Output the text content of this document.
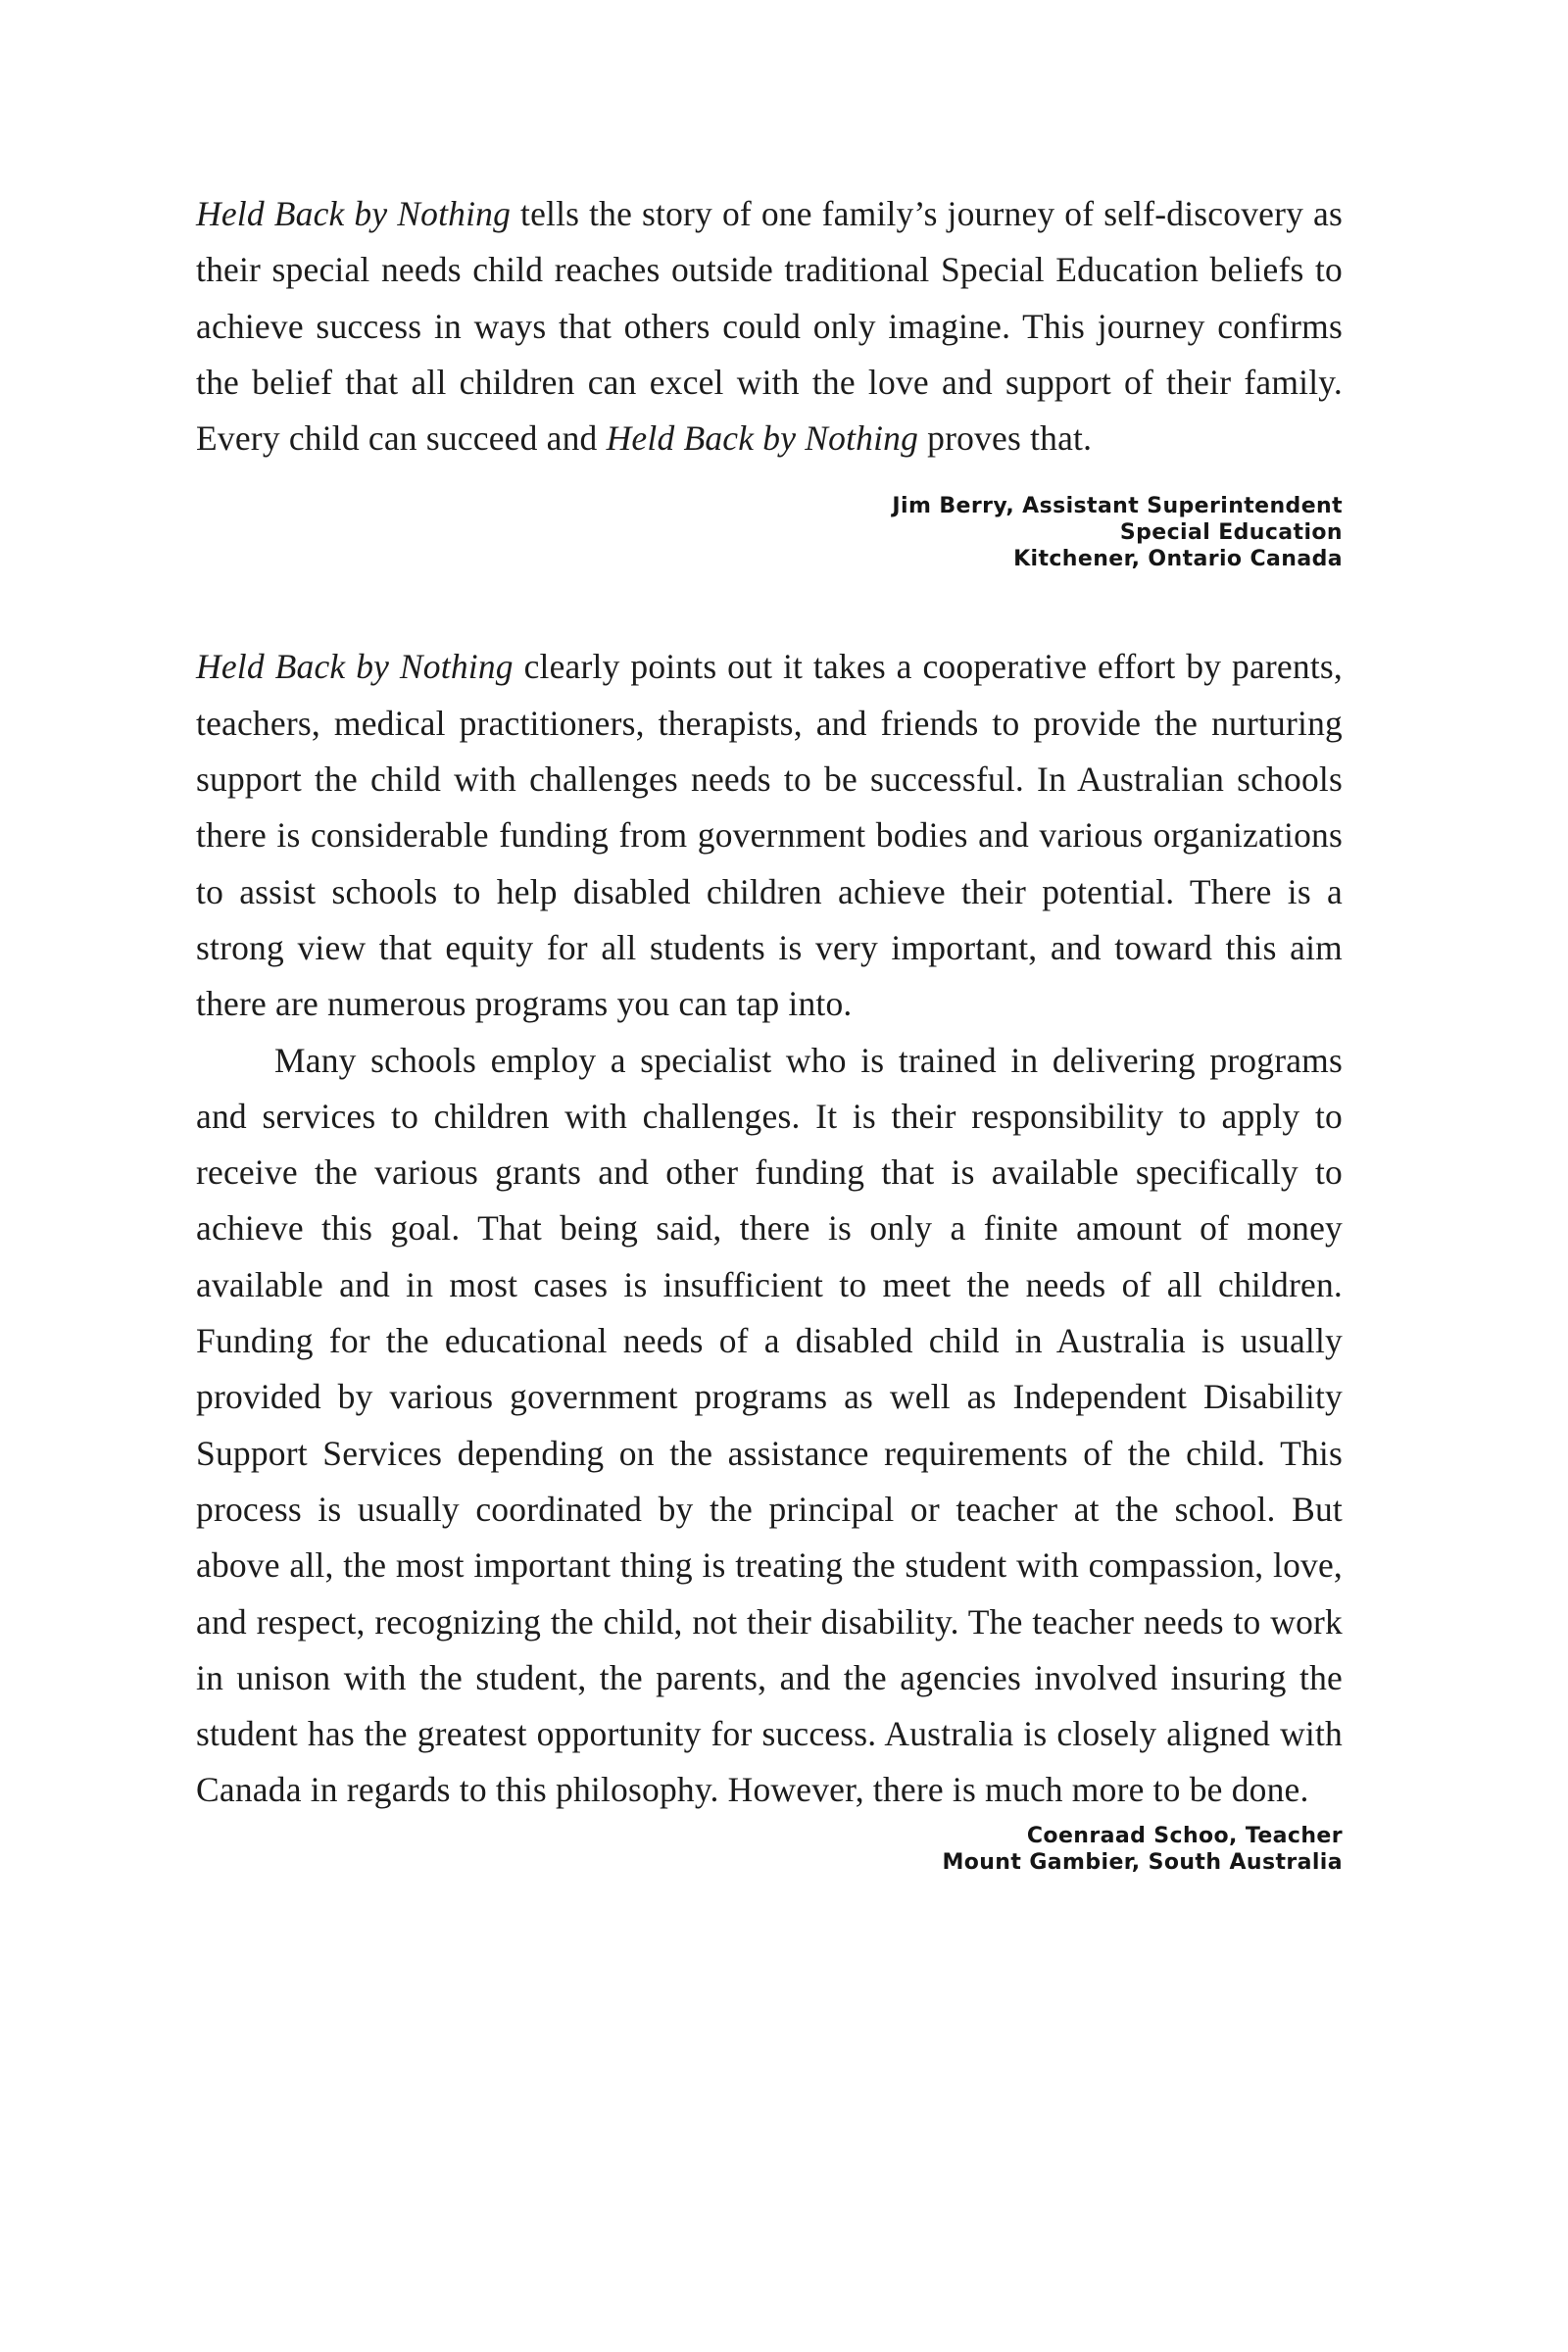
Held Back by Nothing tells the story of one family’s journey of self-discovery as their special needs child reaches outside traditional Special Education beliefs to achieve success in ways that others could only imagine. This journey confirms the belief that all children can excel with the love and support of their family. Every child can succeed and Held Back by Nothing proves that.

Jim Berry, Assistant Superintendent
Special Education
Kitchener, Ontario Canada

Held Back by Nothing clearly points out it takes a cooperative effort by parents, teachers, medical practitioners, therapists, and friends to provide the nurturing support the child with challenges needs to be successful. In Australian schools there is considerable funding from government bodies and various organizations to assist schools to help disabled children achieve their potential. There is a strong view that equity for all students is very important, and toward this aim there are numerous programs you can tap into.

Many schools employ a specialist who is trained in delivering programs and services to children with challenges. It is their responsibility to apply to receive the various grants and other funding that is available specifically to achieve this goal. That being said, there is only a finite amount of money available and in most cases is insufficient to meet the needs of all children. Funding for the educational needs of a disabled child in Australia is usually provided by various government programs as well as Independent Disability Support Services depending on the assistance requirements of the child. This process is usually coordinated by the principal or teacher at the school. But above all, the most important thing is treating the student with compassion, love, and respect, recognizing the child, not their disability. The teacher needs to work in unison with the student, the parents, and the agencies involved insuring the student has the greatest opportunity for success. Australia is closely aligned with Canada in regards to this philosophy. However, there is much more to be done.

Coenraad Schoo, Teacher
Mount Gambier, South Australia
